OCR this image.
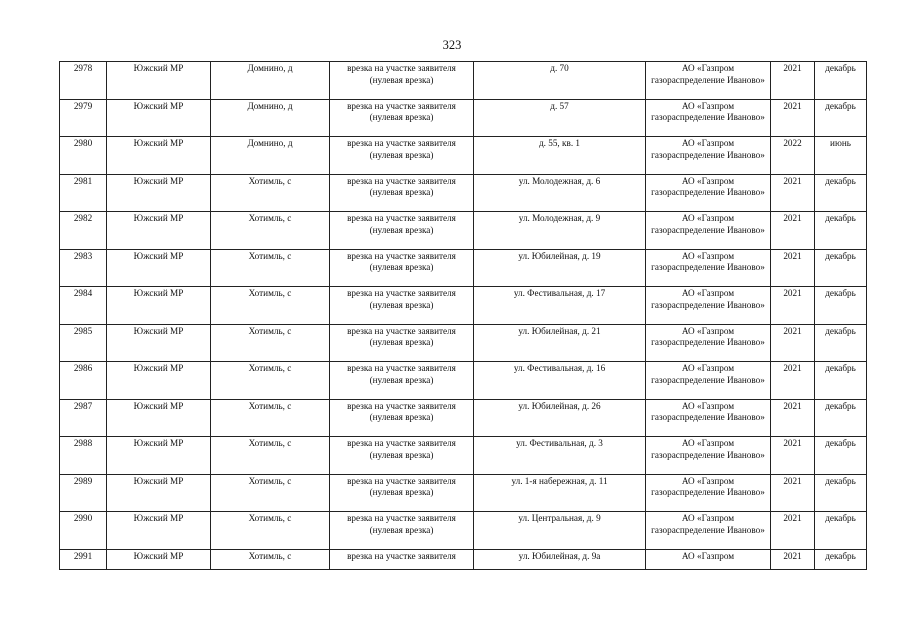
323
2978	Южский МР	Домнино, д	врезка на участке заявителя (нулевая врезка)	д. 70	АО «Газпром газораспределение Иваново»	2021	декабрь
2979	Южский МР	Домнино, д	врезка на участке заявителя (нулевая врезка)	д. 57	АО «Газпром газораспределение Иваново»	2021	декабрь
2980	Южский МР	Домнино, д	врезка на участке заявителя (нулевая врезка)	д. 55, кв. 1	АО «Газпром газораспределение Иваново»	2022	июнь
2981	Южский МР	Хотимль, с	врезка на участке заявителя (нулевая врезка)	ул. Молодежная, д. 6	АО «Газпром газораспределение Иваново»	2021	декабрь
2982	Южский МР	Хотимль, с	врезка на участке заявителя (нулевая врезка)	ул. Молодежная, д. 9	АО «Газпром газораспределение Иваново»	2021	декабрь
2983	Южский МР	Хотимль, с	врезка на участке заявителя (нулевая врезка)	ул. Юбилейная, д. 19	АО «Газпром газораспределение Иваново»	2021	декабрь
2984	Южский МР	Хотимль, с	врезка на участке заявителя (нулевая врезка)	ул. Фестивальная, д. 17	АО «Газпром газораспределение Иваново»	2021	декабрь
2985	Южский МР	Хотимль, с	врезка на участке заявителя (нулевая врезка)	ул. Юбилейная, д. 21	АО «Газпром газораспределение Иваново»	2021	декабрь
2986	Южский МР	Хотимль, с	врезка на участке заявителя (нулевая врезка)	ул. Фестивальная, д. 16	АО «Газпром газораспределение Иваново»	2021	декабрь
2987	Южский МР	Хотимль, с	врезка на участке заявителя (нулевая врезка)	ул. Юбилейная, д. 26	АО «Газпром газораспределение Иваново»	2021	декабрь
2988	Южский МР	Хотимль, с	врезка на участке заявителя (нулевая врезка)	ул. Фестивальная, д. 3	АО «Газпром газораспределение Иваново»	2021	декабрь
2989	Южский МР	Хотимль, с	врезка на участке заявителя (нулевая врезка)	ул. 1-я набережная, д. 11	АО «Газпром газораспределение Иваново»	2021	декабрь
2990	Южский МР	Хотимль, с	врезка на участке заявителя (нулевая врезка)	ул. Центральная, д. 9	АО «Газпром газораспределение Иваново»	2021	декабрь
2991	Южский МР	Хотимль, с	врезка на участке заявителя	ул. Юбилейная, д. 9а	АО «Газпром	2021	декабрь
